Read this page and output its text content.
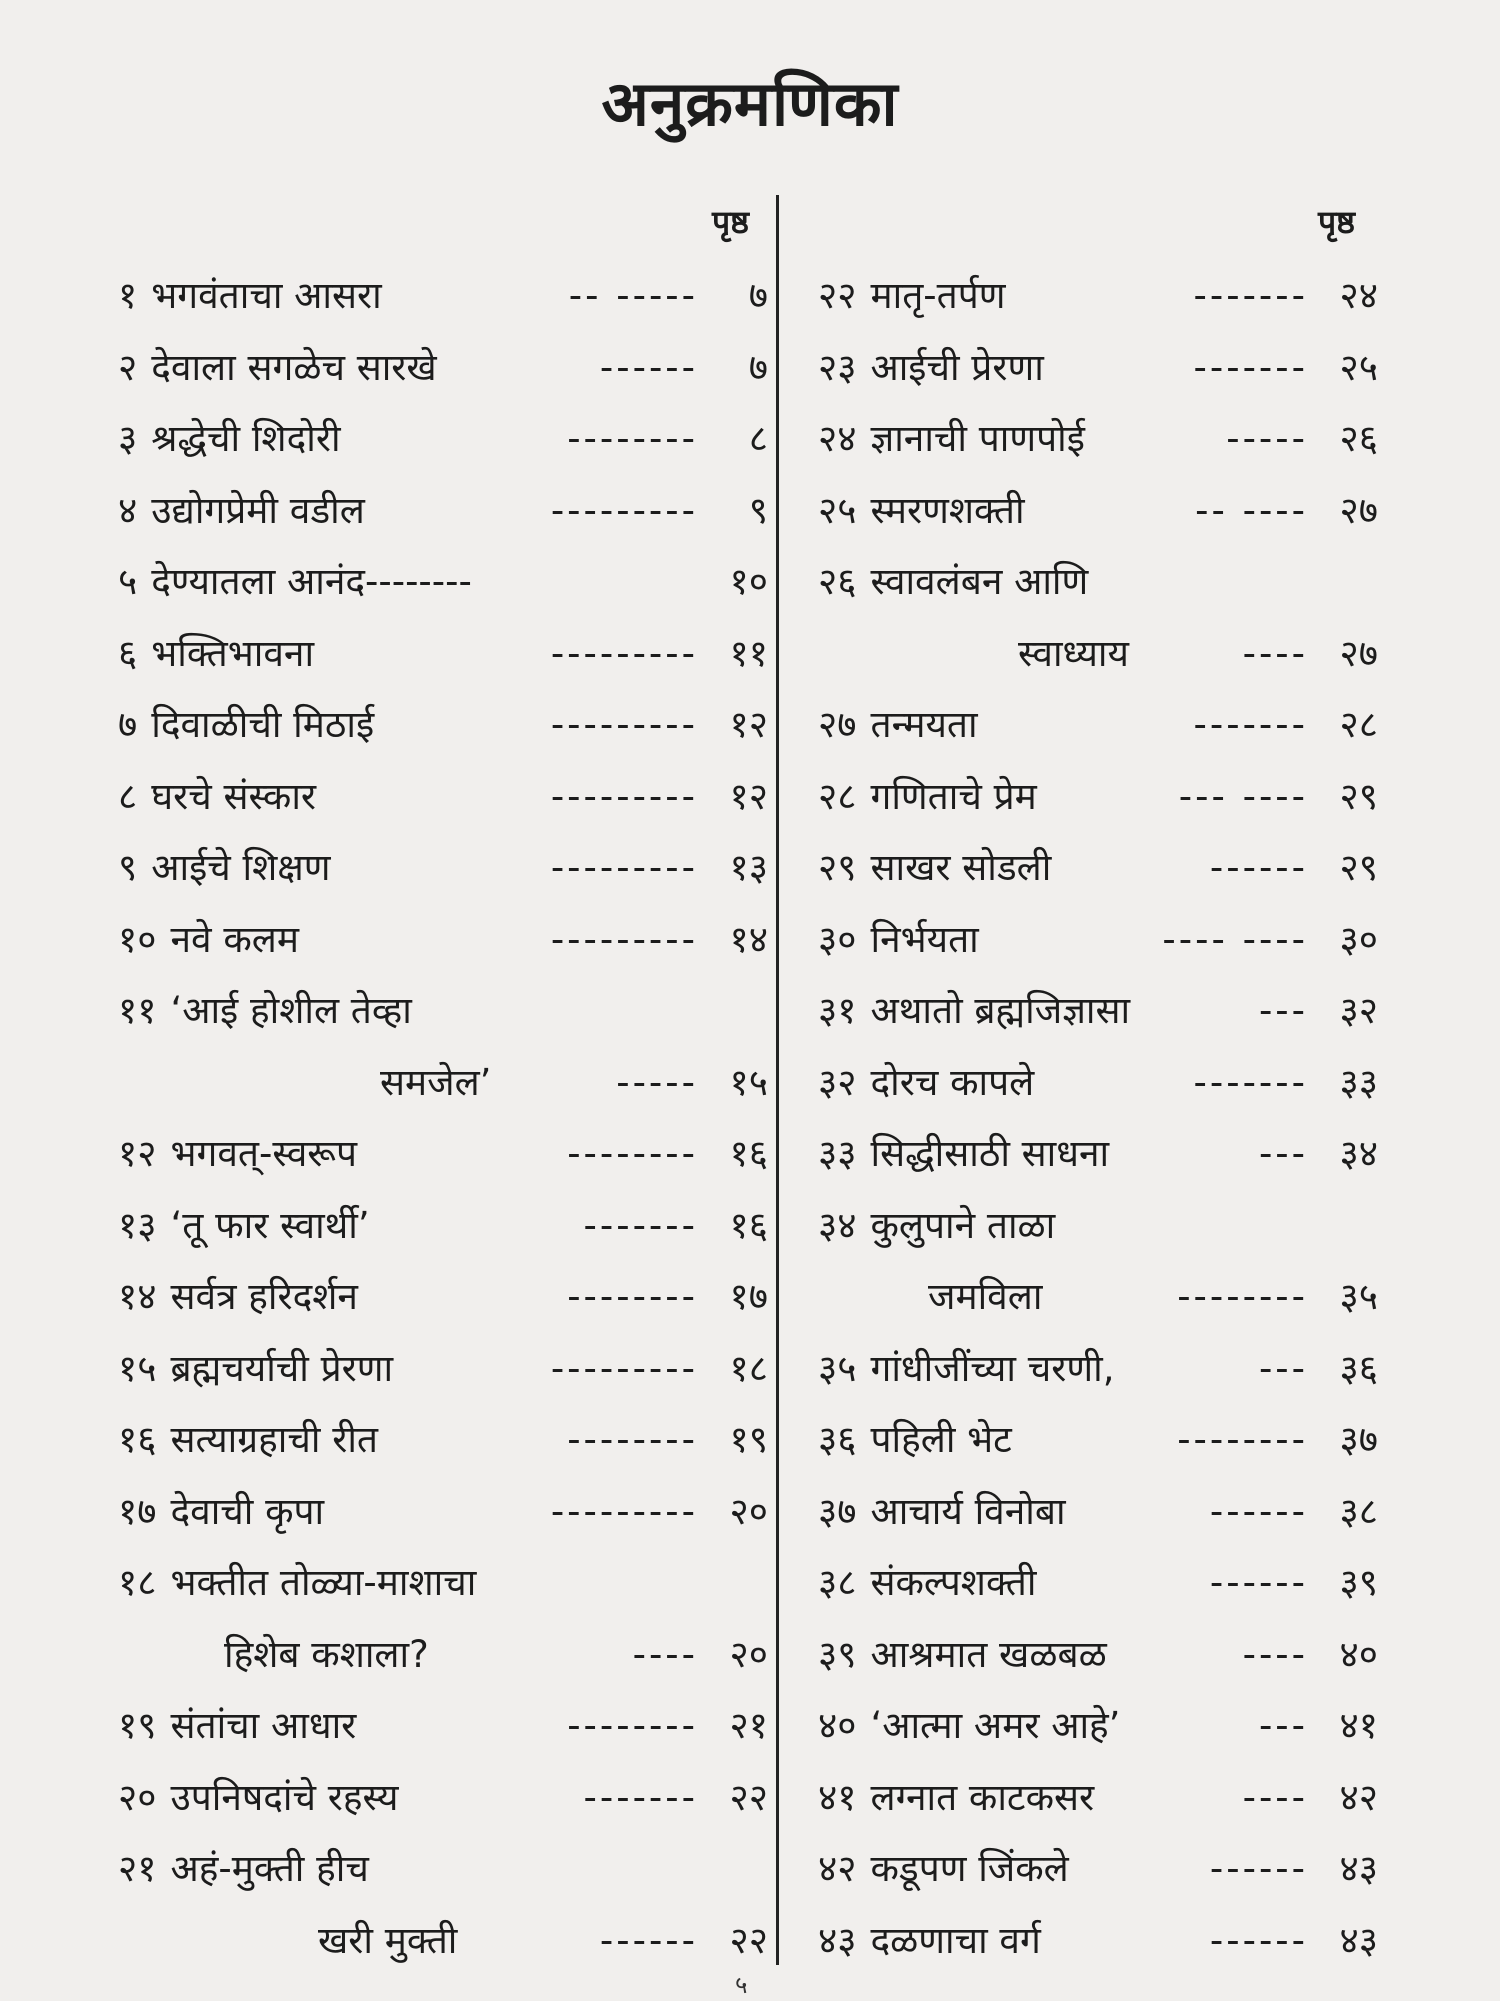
अनुक्रमणिका
पृष्ठ	पृष्ठ
१ भगवंताचा आसरा	-- ----- ७
२ देवाला सगळेच सारखे	------ ७
३ श्रद्धेची शिदोरी	-------- ८
४ उद्योगप्रेमी वडील	--------- ९
५ देण्यातला आनंद--------	१०
६ भक्तिभावना	--------- ११
७ दिवाळीची मिठाई	--------- १२
८ घरचे संस्कार	--------- १२
९ आईचे शिक्षण	--------- १३
१० नवे कलम	--------- १४
११ ‘आई होशील तेव्हा
समजेल’	----- १५
१२ भगवत्-स्वरूप	-------- १६
१३ ‘तू फार स्वार्थी’	------- १६
१४ सर्वत्र हरिदर्शन	-------- १७
१५ ब्रह्मचर्याची प्रेरणा	--------- १८
१६ सत्याग्रहाची रीत	-------- १९
१७ देवाची कृपा	--------- २०
१८ भक्तीत तोळ्या-माशाचा
हिशेब कशाला?	---- २०
१९ संतांचा आधार	-------- २१
२० उपनिषदांचे रहस्य	------- २२
२१ अहं-मुक्ती हीच
खरी मुक्ती	------ २२
२२ मातृ-तर्पण	------- २४
२३ आईची प्रेरणा	------- २५
२४ ज्ञानाची पाणपोई	----- २६
२५ स्मरणशक्ती	-- ---- २७
२६ स्वावलंबन आणि
स्वाध्याय	---- २७
२७ तन्मयता	------- २८
२८ गणिताचे प्रेम	--- ---- २९
२९ साखर सोडली	------ २९
३० निर्भयता	---- ---- ३०
३१ अथातो ब्रह्मजिज्ञासा	--- ३२
३२ दोरच कापले	------- ३३
३३ सिद्धीसाठी साधना	--- ३४
३४ कुलुपाने ताळा
जमविला	-------- ३५
३५ गांधीजींच्या चरणी,	--- ३६
३६ पहिली भेट	-------- ३७
३७ आचार्य विनोबा	------ ३८
३८ संकल्पशक्ती	------ ३९
३९ आश्रमात खळबळ	---- ४०
४० ‘आत्मा अमर आहे’	--- ४१
४१ लग्नात काटकसर	---- ४२
४२ कडूपण जिंकले	------ ४३
४३ दळणाचा वर्ग	------ ४३
५
